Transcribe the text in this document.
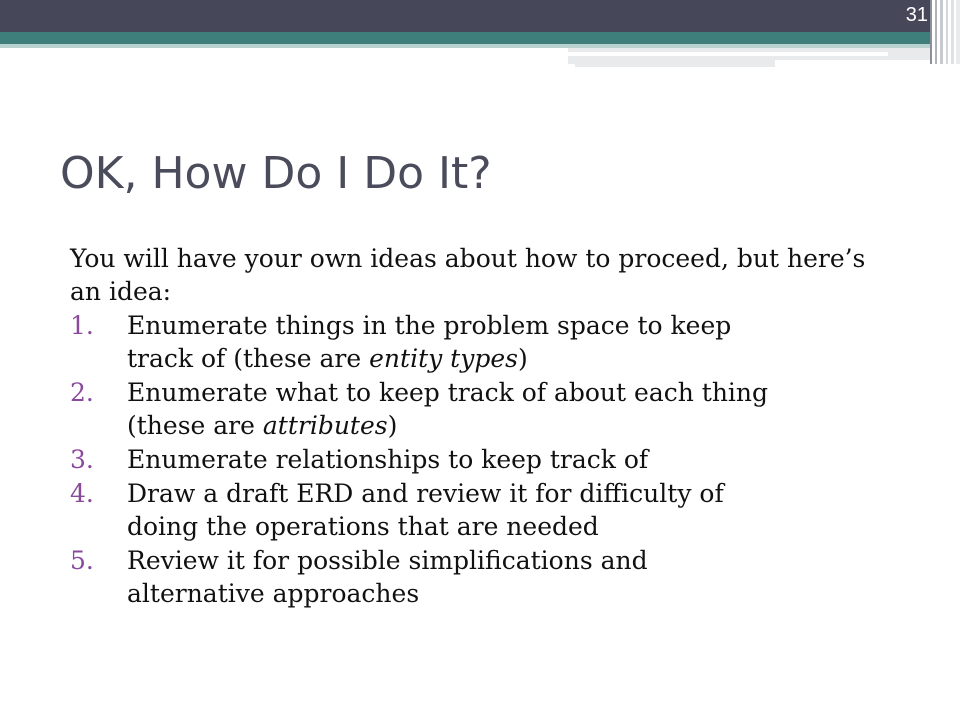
31
OK, How Do I Do It?

You will have your own ideas about how to proceed, but here’s an idea:

1. Enumerate things in the problem space to keep
track of (these are entity types)
2. Enumerate what to keep track of about each thing
(these are attributes)
3. Enumerate relationships to keep track of
4. Draw a draft ERD and review it for difficulty of
doing the operations that are needed
5. Review it for possible simplifications and
alternative approaches
